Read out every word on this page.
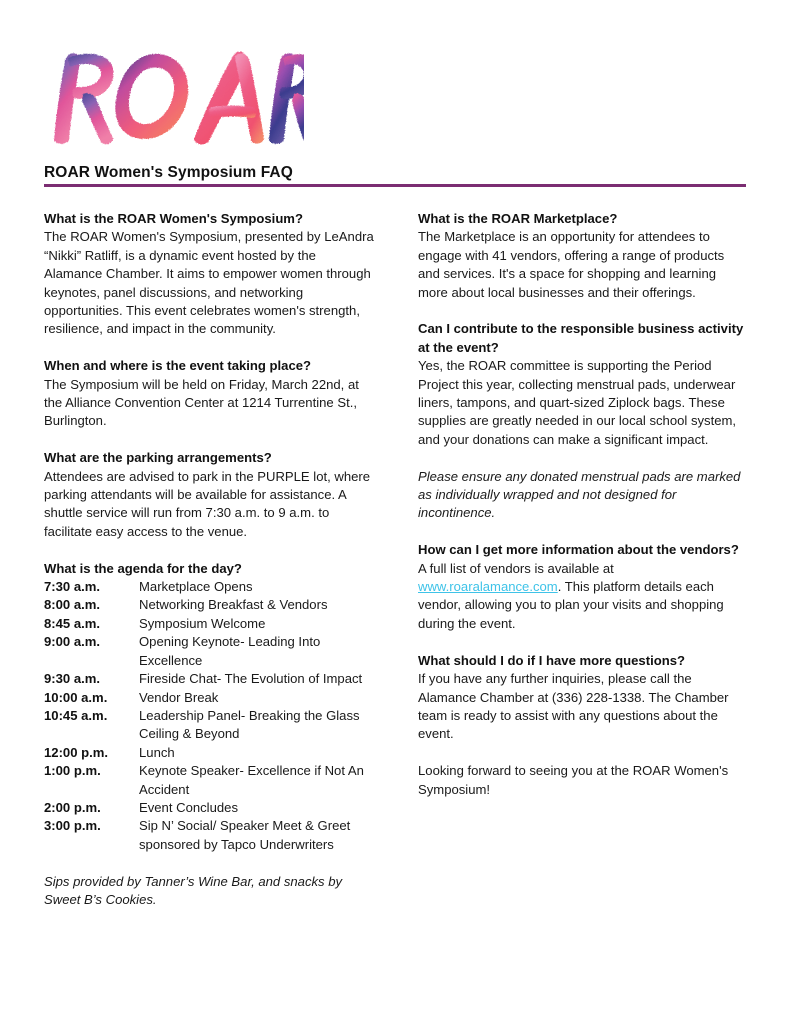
ROAR Women's Symposium FAQ

What is the ROAR Women's Symposium?

The ROAR Women's Symposium, presented by LeAndra “Nikki” Ratliff, is a dynamic event hosted by the Alamance Chamber. It aims to empower women through keynotes, panel discussions, and networking opportunities. This event celebrates women's strength, resilience, and impact in the community.

When and where is the event taking place?

The Symposium will be held on Friday, March 22nd, at the Alliance Convention Center at 1214 Turrentine St., Burlington.

What are the parking arrangements?

Attendees are advised to park in the PURPLE lot, where parking attendants will be available for assistance. A shuttle service will run from 7:30 a.m. to 9 a.m. to facilitate easy access to the venue.

What is the agenda for the day?

7:30 a.m.	Marketplace Opens
8:00 a.m.	Networking Breakfast & Vendors
8:45 a.m.	Symposium Welcome
9:00 a.m.	Opening Keynote- Leading Into Excellence
9:30 a.m.	Fireside Chat- The Evolution of Impact
10:00 a.m.	Vendor Break
10:45 a.m.	Leadership Panel- Breaking the Glass Ceiling & Beyond
12:00 p.m.	Lunch
1:00 p.m.	Keynote Speaker- Excellence if Not An Accident
2:00 p.m.	Event Concludes
3:00 p.m.	Sip N’ Social/ Speaker Meet & Greet sponsored by Tapco Underwriters

Sips provided by Tanner’s Wine Bar, and snacks by Sweet B’s Cookies.

What is the ROAR Marketplace?

The Marketplace is an opportunity for attendees to engage with 41 vendors, offering a range of products and services. It's a space for shopping and learning more about local businesses and their offerings.

Can I contribute to the responsible business activity at the event?

Yes, the ROAR committee is supporting the Period Project this year, collecting menstrual pads, underwear liners, tampons, and quart-sized Ziplock bags. These supplies are greatly needed in our local school system, and your donations can make a significant impact.

Please ensure any donated menstrual pads are marked as individually wrapped and not designed for incontinence.

How can I get more information about the vendors?

A full list of vendors is available at www.roaralamance.com. This platform details each vendor, allowing you to plan your visits and shopping during the event.

What should I do if I have more questions?

If you have any further inquiries, please call the Alamance Chamber at (336) 228-1338. The Chamber team is ready to assist with any questions about the event.

Looking forward to seeing you at the ROAR Women's Symposium!
